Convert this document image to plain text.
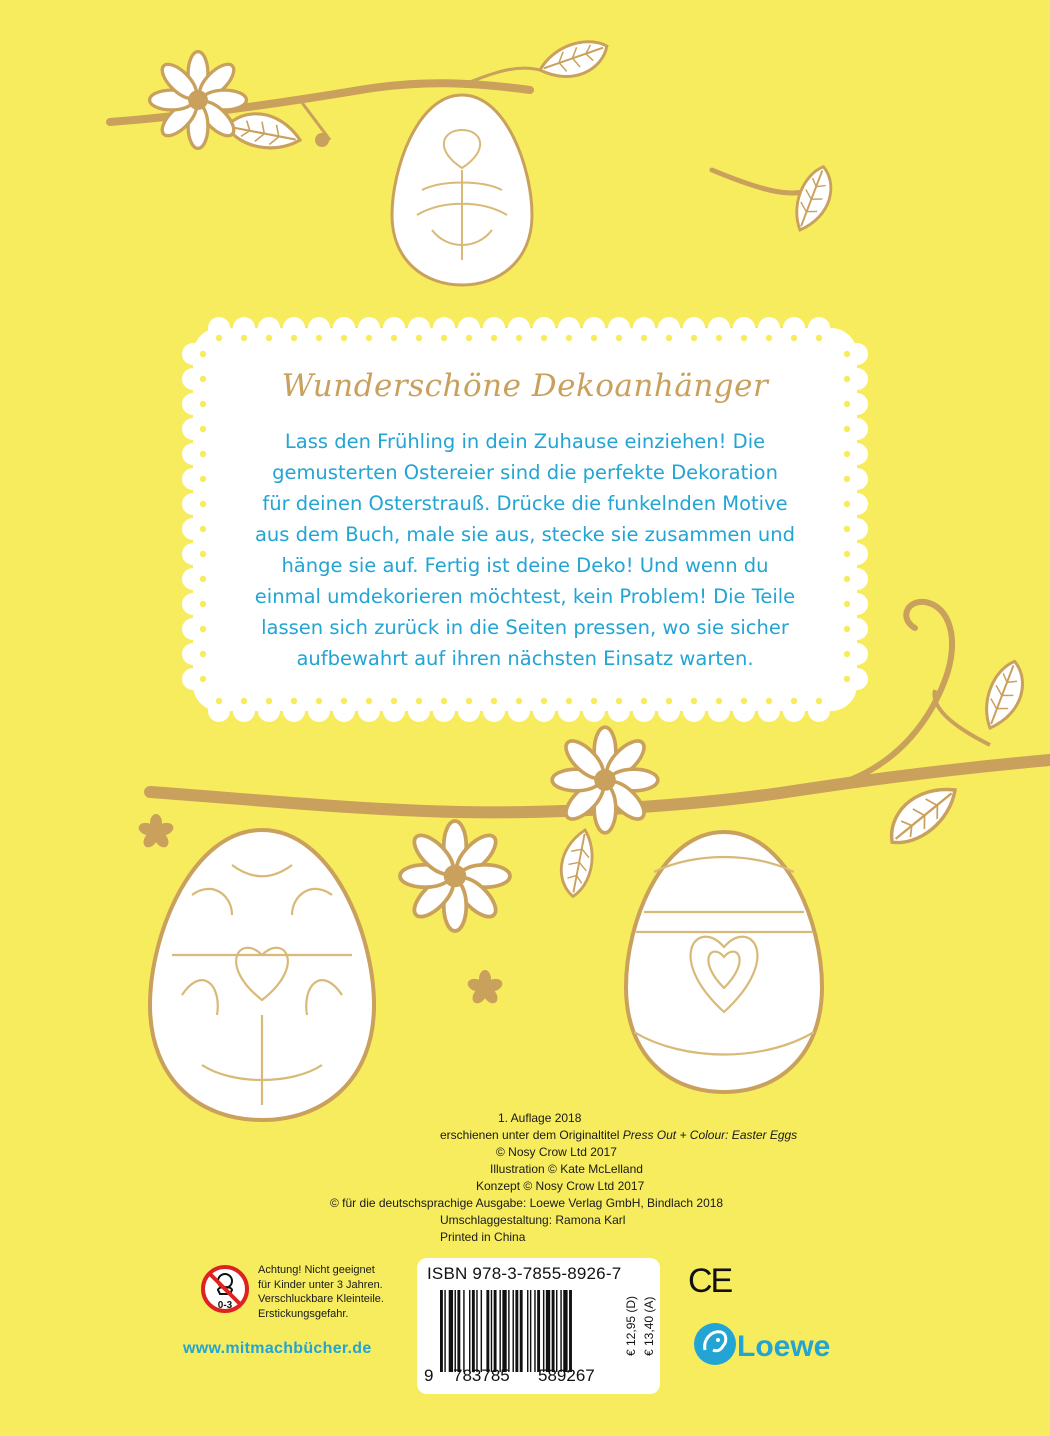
Wunderschöne Dekoanhänger

Lass den Frühling in dein Zuhause einziehen! Die
gemusterten Ostereier sind die perfekte Dekoration
für deinen Osterstrauß. Drücke die funkelnden Motive
aus dem Buch, male sie aus, stecke sie zusammen und
hänge sie auf. Fertig ist deine Deko! Und wenn du
einmal umdekorieren möchtest, kein Problem! Die Teile
lassen sich zurück in die Seiten pressen, wo sie sicher
aufbewahrt auf ihren nächsten Einsatz warten.

1. Auflage 2018
erschienen unter dem Originaltitel Press Out + Colour: Easter Eggs
© Nosy Crow Ltd 2017
Illustration © Kate McLelland
Konzept © Nosy Crow Ltd 2017
© für die deutschsprachige Ausgabe: Loewe Verlag GmbH, Bindlach 2018
Umschlaggestaltung: Ramona Karl
Printed in China
0-3
Achtung! Nicht geeignet
für Kinder unter 3 Jahren.
Verschluckbare Kleinteile.
Erstickungsgefahr.
www.mitmachbücher.de
ISBN 978-3-7855-8926-7
9 783785 589267
€ 12,95 (D) € 13,40 (A)
CE
Loewe
